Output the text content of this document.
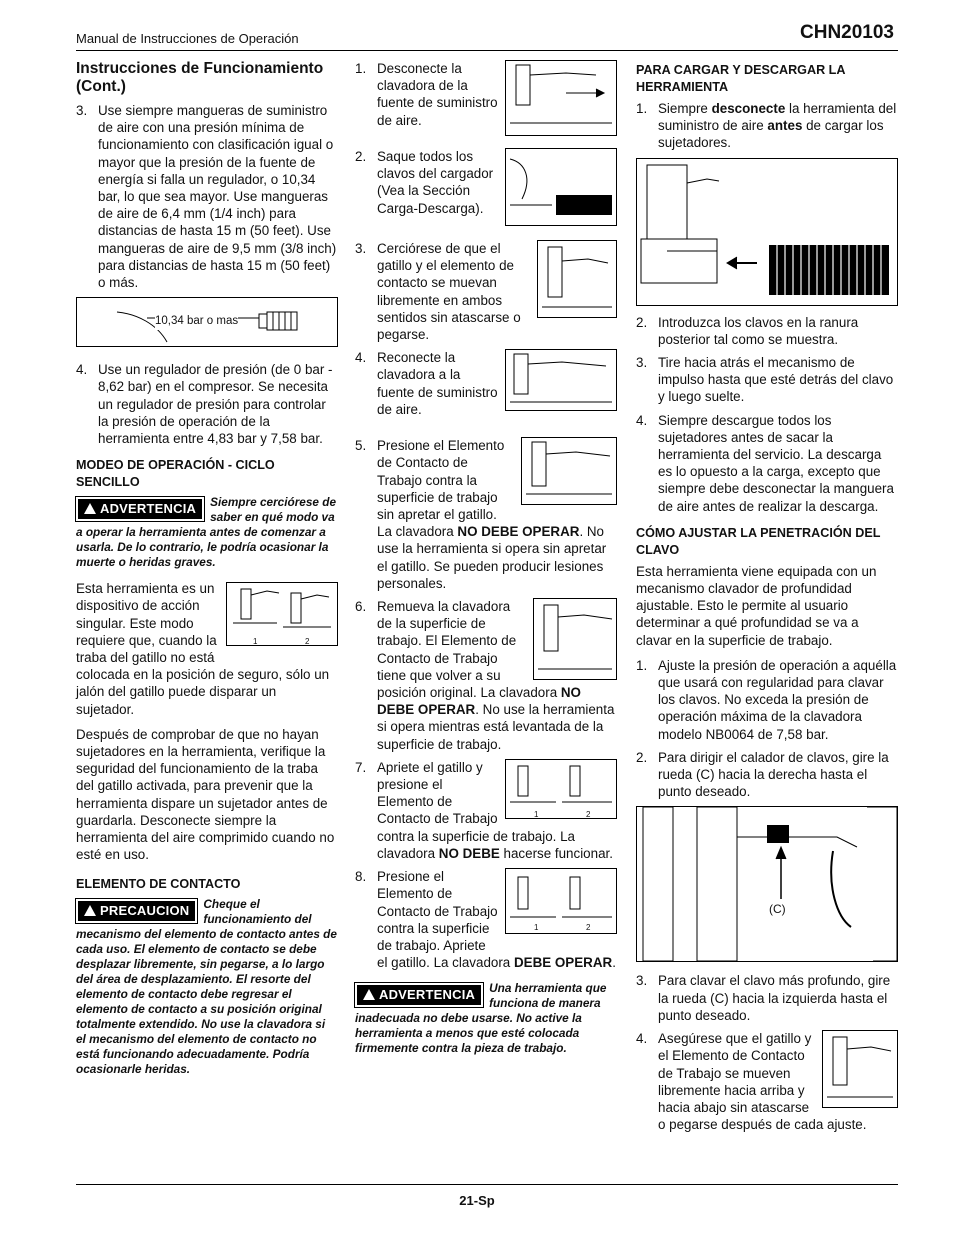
Manual de Instrucciones de Operación	CHN20103
Instrucciones de Funcionamiento (Cont.)
3. Use siempre mangueras de suministro de aire con una presión mínima de funcionamiento con clasificación igual o mayor que la presión de la fuente de energía si falla un regulador, o 10,34 bar, lo que sea mayor. Use mangueras de aire de 6,4 mm (1/4 inch) para distancias de hasta 15 m (50 feet). Use mangueras de aire de 9,5 mm (3/8 inch) para distancias de hasta 15 m (50 feet) o más.
10,34 bar o mas
4. Use un regulador de presión (de 0 bar - 8,62 bar) en el compresor. Se necesita un regulador de presión para controlar la presión de operación de la herramienta entre 4,83 bar y 7,58 bar.
MODEO DE OPERACIÓN - CICLO SENCILLO
ADVERTENCIA	Siempre cerciórese de saber en qué modo va a operar la herramienta antes de comenzar a usarla. De lo contrario, le podría ocasionar la muerte o heridas graves.
1	2

Esta herramienta es un dispositivo de acción singular. Este modo requiere que, cuando la traba del gatillo no está colocada en la posición de seguro, sólo un jalón del gatillo puede disparar un sujetador.

Después de comprobar de que no hayan sujetadores en la herramienta, verifique la seguridad del funcionamiento de la traba del gatillo activada, para prevenir que la herramienta dispare un sujetador antes de guardarla. Desconecte siempre la herramienta del aire comprimido cuando no esté en uso.

ELEMENTO DE CONTACTO
PRECAUCION	Cheque el funcionamiento del mecanismo del elemento de contacto antes de cada uso. El elemento de contacto se debe desplazar libremente, sin pegarse, a lo largo del área de desplazamiento. El resorte del elemento de contacto debe regresar el elemento de contacto a su posición original totalmente extendido. No use la clavadora si el mecanismo del elemento de contacto no está funcionando adecuadamente. Podría ocasionarle heridas.
1. Desconecte la clavadora de la fuente de suministro de aire.
2. Saque todos los clavos del cargador (Vea la Sección Carga-Descarga).
3. Cerciórese de que el gatillo y el elemento de contacto se muevan libremente en ambos sentidos sin atascarse o pegarse.
4. Reconecte la clavadora a la fuente de suministro de aire.
5. Presione el Elemento de Contacto de Trabajo contra la superficie de trabajo sin apretar el gatillo. La clavadora NO DEBE OPERAR. No use la herramienta si opera sin apretar el gatillo. Se pueden producir lesiones personales.
6. Remueva la clavadora de la superficie de trabajo. El Elemento de Contacto de Trabajo tiene que volver a su posición original. La clavadora NO DEBE OPERAR. No use la herramienta si opera mientras está levantada de la superficie de trabajo.
7.
1	2
Apriete el gatillo y presione el Elemento de Contacto de Trabajo contra la superficie de trabajo. La clavadora NO DEBE hacerse funcionar.
8.
1	2
Presione el Elemento de Contacto de Trabajo contra la superficie de trabajo. Apriete el gatillo. La clavadora DEBE OPERAR.
ADVERTENCIA	Una herramienta que funciona de manera inadecuada no debe usarse. No active la herramienta a menos que esté colocada firmemente contra la pieza de trabajo.
PARA CARGAR Y DESCARGAR LA HERRAMIENTA
1. Siempre desconecte la herramienta del suministro de aire antes de cargar los sujetadores.
2. Introduzca los clavos en la ranura posterior tal como se muestra.
3. Tire hacia atrás el mecanismo de impulso hasta que esté detrás del clavo y luego suelte.
4. Siempre descargue todos los sujetadores antes de sacar la herramienta del servicio. La descarga es lo opuesto a la carga, excepto que siempre debe desconectar la manguera de aire antes de realizar la descarga.
CÓMO AJUSTAR LA PENETRACIÓN DEL CLAVO

Esta herramienta viene equipada con un mecanismo clavador de profundidad ajustable. Esto le permite al usuario determinar a qué profundidad se va a clavar en la superficie de trabajo.

1. Ajuste la presión de operación a aquélla que usará con regularidad para clavar los clavos. No exceda la presión de operación máxima de la clavadora modelo NB0064 de 7,58 bar.
2. Para dirigir el calador de clavos, gire la rueda (C) hacia la derecha hasta el punto deseado.
(C)
3. Para clavar el clavo más profundo, gire la rueda (C) hacia la izquierda hasta el punto deseado.
4. Asegúrese que el gatillo y el Elemento de Contacto de Trabajo se mueven libremente hacia arriba y hacia abajo sin atascarse o pegarse después de cada ajuste.
21-Sp
